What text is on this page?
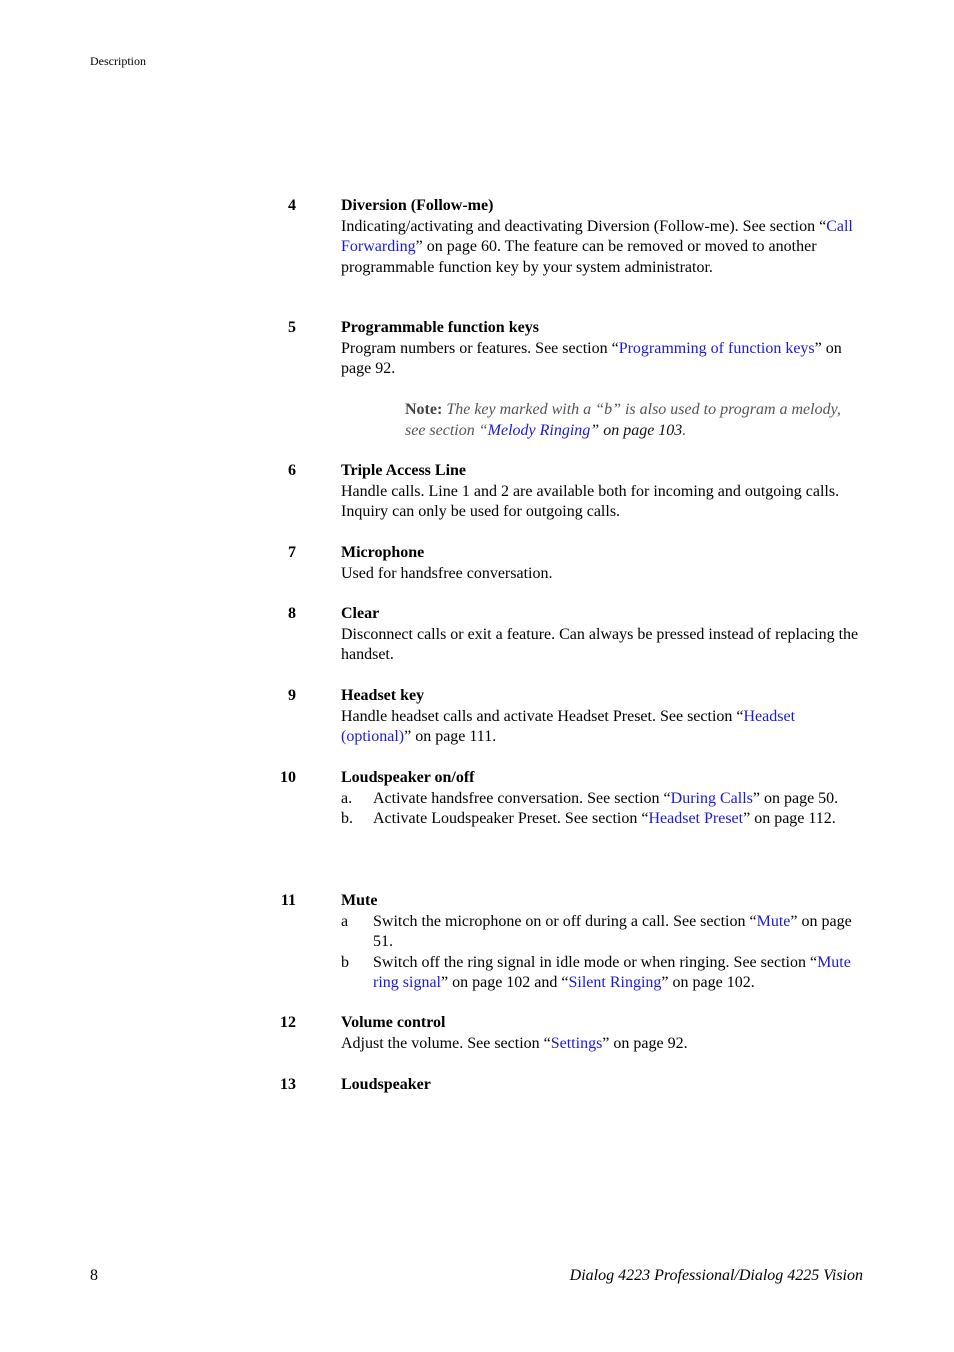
Description
4	Diversion (Follow-me)
Indicating/activating and deactivating Diversion (Follow-me). See section “Call Forwarding” on page 60. The feature can be removed or moved to another programmable function key by your system administrator.
5	Programmable function keys
Program numbers or features. See section “Programming of function keys” on page 92.
Note: The key marked with a “b” is also used to program a melody, see section “Melody Ringing” on page 103.
6	Triple Access Line
Handle calls. Line 1 and 2 are available both for incoming and outgoing calls. Inquiry can only be used for outgoing calls.
7	Microphone
Used for handsfree conversation.
8	Clear
Disconnect calls or exit a feature. Can always be pressed instead of replacing the handset.
9	Headset key
Handle headset calls and activate Headset Preset. See section “Headset (optional)” on page 111.
10	Loudspeaker on/off
a. Activate handsfree conversation. See section “During Calls” on page 50.
b. Activate Loudspeaker Preset. See section “Headset Preset” on page 112.
11	Mute
a Switch the microphone on or off during a call. See section “Mute” on page 51.
b Switch off the ring signal in idle mode or when ringing. See section “Mute ring signal” on page 102 and “Silent Ringing” on page 102.
12	Volume control
Adjust the volume. See section “Settings” on page 92.
13	Loudspeaker
8	Dialog 4223 Professional/Dialog 4225 Vision
